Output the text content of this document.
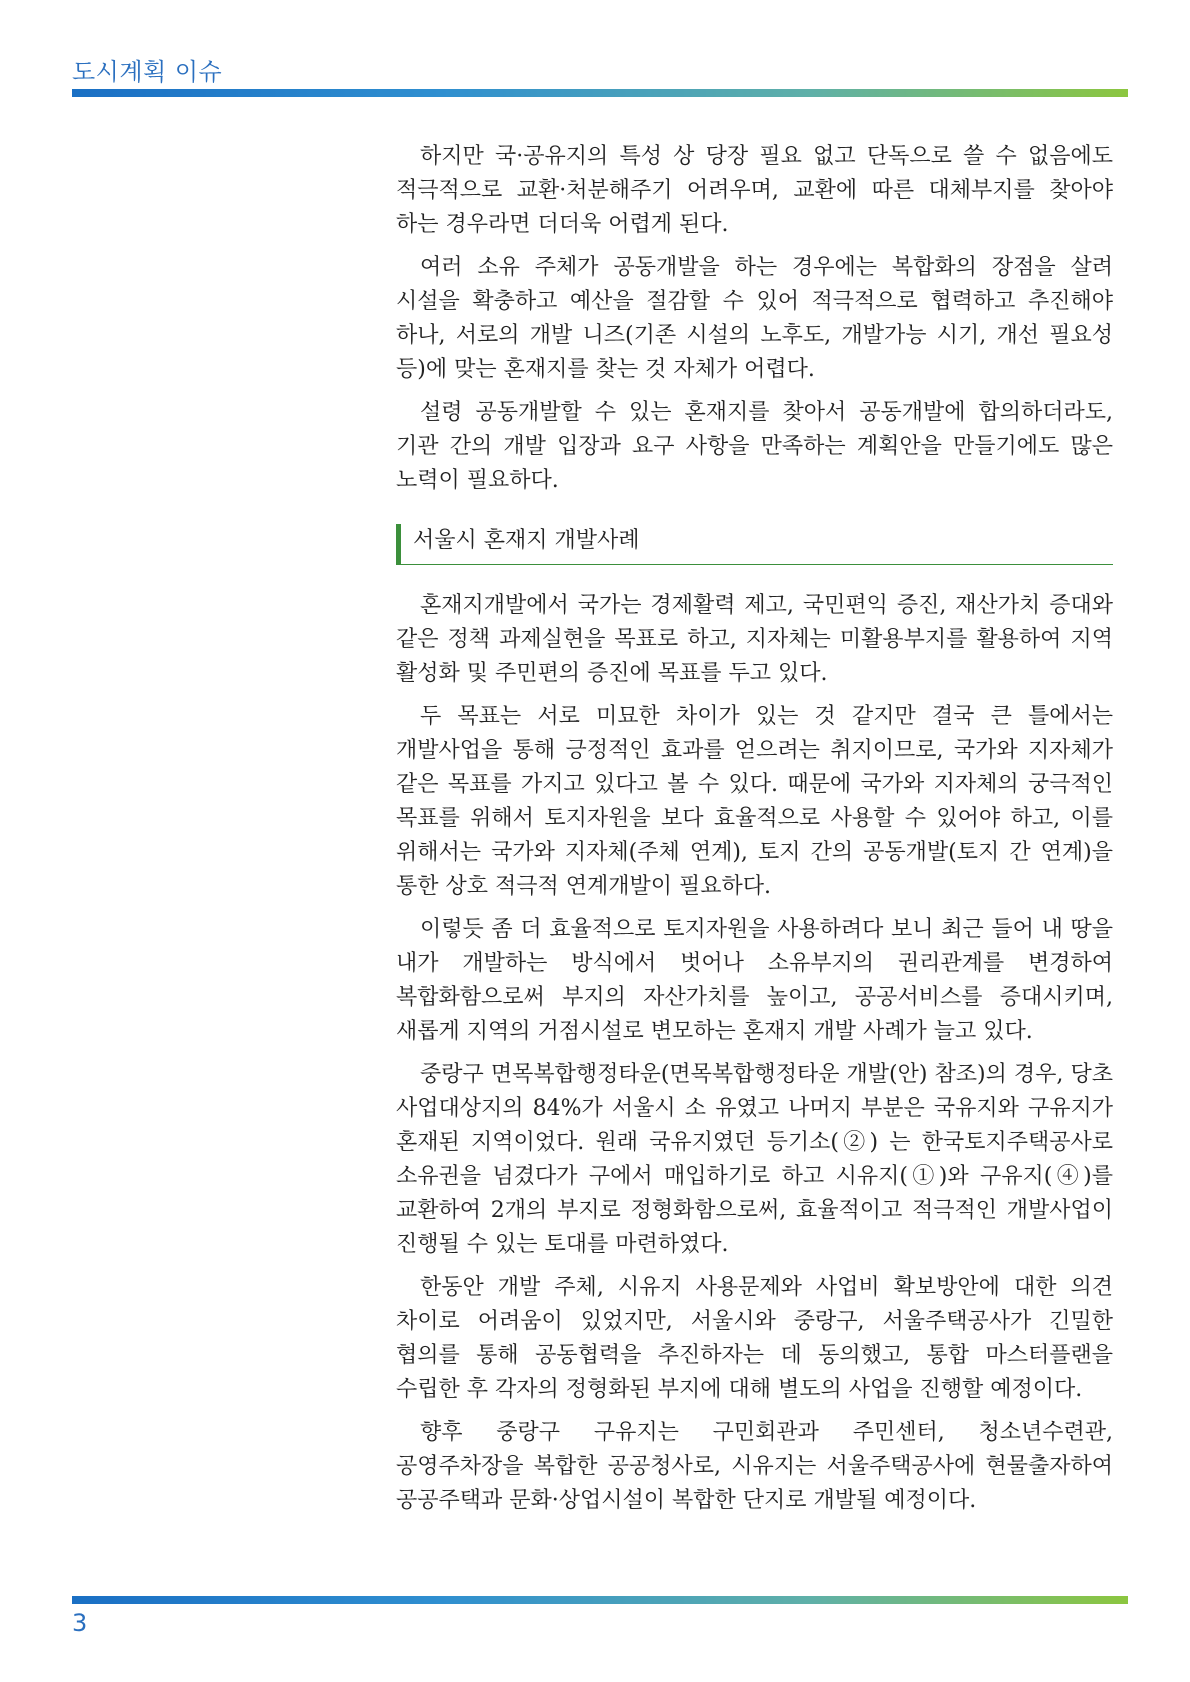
도시계획 이슈

하지만 국·공유지의 특성 상 당장 필요 없고 단독으로 쓸 수 없음에도 적극적으로 교환·처분해주기 어려우며, 교환에 따른 대체부지를 찾아야 하는 경우라면 더더욱 어렵게 된다.

여러 소유 주체가 공동개발을 하는 경우에는 복합화의 장점을 살려 시설을 확충하고 예산을 절감할 수 있어 적극적으로 협력하고 추진해야 하나, 서로의 개발 니즈(기존 시설의 노후도, 개발가능 시기, 개선 필요성 등)에 맞는 혼재지를 찾는 것 자체가 어렵다.

설령 공동개발할 수 있는 혼재지를 찾아서 공동개발에 합의하더라도, 기관 간의 개발 입장과 요구 사항을 만족하는 계획안을 만들기에도 많은 노력이 필요하다.

서울시 혼재지 개발사례

혼재지개발에서 국가는 경제활력 제고, 국민편익 증진, 재산가치 증대와 같은 정책 과제실현을 목표로 하고, 지자체는 미활용부지를 활용하여 지역 활성화 및 주민편의 증진에 목표를 두고 있다.

두 목표는 서로 미묘한 차이가 있는 것 같지만 결국 큰 틀에서는 개발사업을 통해 긍정적인 효과를 얻으려는 취지이므로, 국가와 지자체가 같은 목표를 가지고 있다고 볼 수 있다. 때문에 국가와 지자체의 궁극적인 목표를 위해서 토지자원을 보다 효율적으로 사용할 수 있어야 하고, 이를 위해서는 국가와 지자체(주체 연계), 토지 간의 공동개발(토지 간 연계)을 통한 상호 적극적 연계개발이 필요하다.

이렇듯 좀 더 효율적으로 토지자원을 사용하려다 보니 최근 들어 내 땅을 내가 개발하는 방식에서 벗어나 소유부지의 권리관계를 변경하여 복합화함으로써 부지의 자산가치를 높이고, 공공서비스를 증대시키며, 새롭게 지역의 거점시설로 변모하는 혼재지 개발 사례가 늘고 있다.

중랑구 면목복합행정타운(면목복합행정타운 개발(안) 참조)의 경우, 당초 사업대상지의 84%가 서울시 소 유였고 나머지 부분은 국유지와 구유지가 혼재된 지역이었다. 원래 국유지였던 등기소(②) 는 한국토지주택공사로 소유권을 넘겼다가 구에서 매입하기로 하고 시유지(①)와 구유지(④)를 교환하여 2개의 부지로 정형화함으로써, 효율적이고 적극적인 개발사업이 진행될 수 있는 토대를 마련하였다.

한동안 개발 주체, 시유지 사용문제와 사업비 확보방안에 대한 의견 차이로 어려움이 있었지만, 서울시와 중랑구, 서울주택공사가 긴밀한 협의를 통해 공동협력을 추진하자는 데 동의했고, 통합 마스터플랜을 수립한 후 각자의 정형화된 부지에 대해 별도의 사업을 진행할 예정이다.

향후 중랑구 구유지는 구민회관과 주민센터, 청소년수련관, 공영주차장을 복합한 공공청사로, 시유지는 서울주택공사에 현물출자하여 공공주택과 문화·상업시설이 복합한 단지로 개발될 예정이다.

3
